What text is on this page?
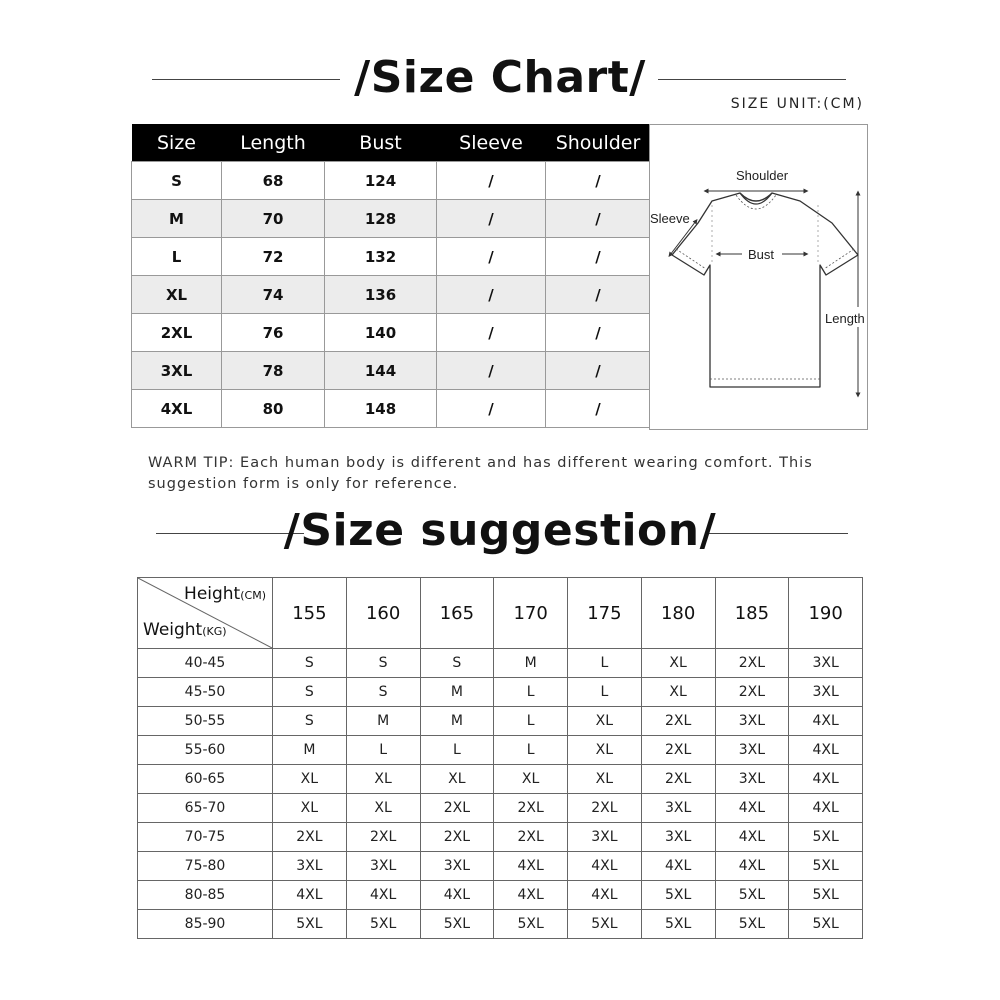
/Size Chart/
SIZE UNIT:(CM)
Size	Length	Bust	Sleeve	Shoulder
S	68	124	/	/
M	70	128	/	/
L	72	132	/	/
XL	74	136	/	/
2XL	76	140	/	/
3XL	78	144	/	/
4XL	80	148	/	/
Shoulder
Sleeve
Bust
Length
WARM TIP: Each human body is different and has different wearing comfort. This suggestion form is only for reference.
/Size suggestion/
Height(CM)
Weight(KG)	155	160	165	170	175	180	185	190
40-45	S	S	S	M	L	XL	2XL	3XL
45-50	S	S	M	L	L	XL	2XL	3XL
50-55	S	M	M	L	XL	2XL	3XL	4XL
55-60	M	L	L	L	XL	2XL	3XL	4XL
60-65	XL	XL	XL	XL	XL	2XL	3XL	4XL
65-70	XL	XL	2XL	2XL	2XL	3XL	4XL	4XL
70-75	2XL	2XL	2XL	2XL	3XL	3XL	4XL	5XL
75-80	3XL	3XL	3XL	4XL	4XL	4XL	4XL	5XL
80-85	4XL	4XL	4XL	4XL	4XL	5XL	5XL	5XL
85-90	5XL	5XL	5XL	5XL	5XL	5XL	5XL	5XL
